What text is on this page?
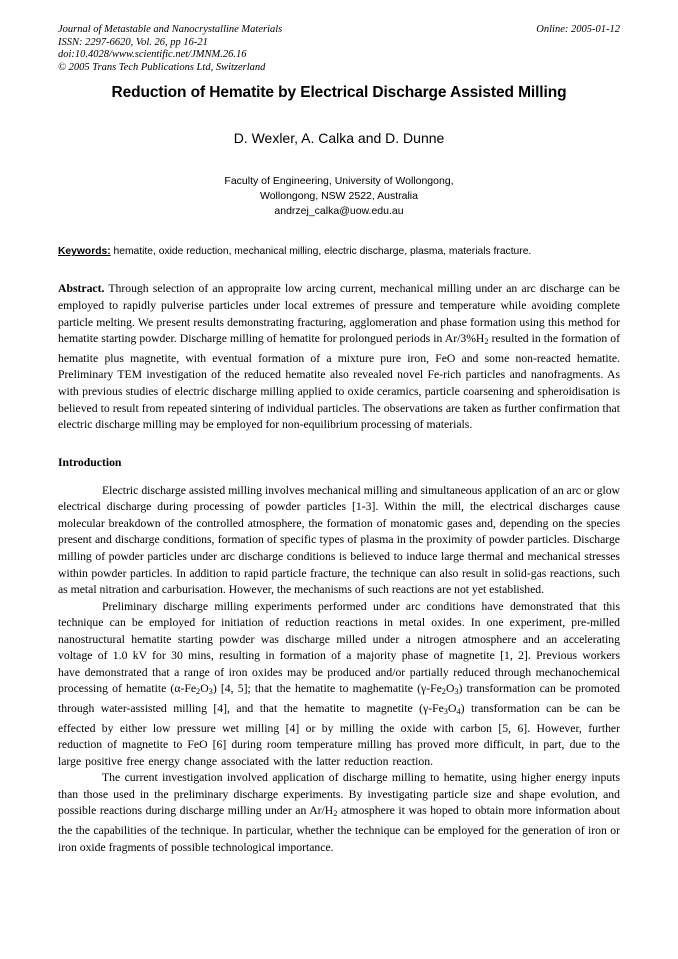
Online: 2005-01-12
Journal of Metastable and Nanocrystalline Materials
ISSN: 2297-6620, Vol. 26, pp 16-21
doi:10.4028/www.scientific.net/JMNM.26.16
© 2005 Trans Tech Publications Ltd, Switzerland
Reduction of Hematite by Electrical Discharge Assisted Milling
D. Wexler, A. Calka and D. Dunne
Faculty of Engineering, University of Wollongong,
Wollongong, NSW 2522, Australia
andrzej_calka@uow.edu.au
Keywords: hematite, oxide reduction, mechanical milling, electric discharge, plasma, materials fracture.
Abstract. Through selection of an appropraite low arcing current, mechanical milling under an arc discharge can be employed to rapidly pulverise particles under local extremes of pressure and temperature while avoiding complete particle melting. We present results demonstrating fracturing, agglomeration and phase formation using this method for hematite starting powder. Discharge milling of hematite for prolongued periods in $Ar/3\%H_2$ resulted in the formation of hematite plus magnetite, with eventual formation of a mixture pure iron, FeO and some non-reacted hematite. Preliminary TEM investigation of the reduced hematite also revealed novel Fe-rich particles and nanofragments. As with previous studies of electric discharge milling applied to oxide ceramics, particle coarsening and spheroidisation is believed to result from repeated sintering of individual particles. The observations are taken as further confirmation that electric discharge milling may be employed for non-equilibrium processing of materials.
Introduction
Electric discharge assisted milling involves mechanical milling and simultaneous application of an arc or glow electrical discharge during processing of powder particles [1-3]. Within the mill, the electrical discharges cause molecular breakdown of the controlled atmosphere, the formation of monatomic gases and, depending on the species present and discharge conditions, formation of specific types of plasma in the proximity of powder particles. Discharge milling of powder particles under arc discharge conditions is believed to induce large thermal and mechanical stresses within powder particles. In addition to rapid particle fracture, the technique can also result in solid-gas reactions, such as metal nitration and carburisation. However, the mechanisms of such reactions are not yet established.
Preliminary discharge milling experiments performed under arc conditions have demonstrated that this technique can be employed for initiation of reduction reactions in metal oxides. In one experiment, pre-milled nanostructural hematite starting powder was discharge milled under a nitrogen atmosphere and an accelerating voltage of 1.0 kV for 30 mins, resulting in formation of a majority phase of magnetite [1, 2]. Previous workers have demonstrated that a range of iron oxides may be produced and/or partially reduced through mechanochemical processing of hematite $(\alpha-Fe_2O_3)$ [4, 5]; that the hematite to maghematite $(\gamma-Fe_2O_3)$ transformation can be promoted through water-assisted milling [4], and that the hematite to magnetite $(\gamma-Fe_3O_4)$ transformation can be can be effected by either low pressure wet milling [4] or by milling the oxide with carbon [5, 6]. However, further reduction of magnetite to FeO [6] during room temperature milling has proved more difficult, in part, due to the large positive free energy change associated with the latter reduction reaction.
The current investigation involved application of discharge milling to hematite, using higher energy inputs than those used in the preliminary discharge experiments. By investigating particle size and shape evolution, and possible reactions during discharge milling under an $Ar/H_2$ atmosphere it was hoped to obtain more information about the the capabilities of the technique. In particular, whether the technique can be employed for the generation of iron or iron oxide fragments of possible technological importance.
